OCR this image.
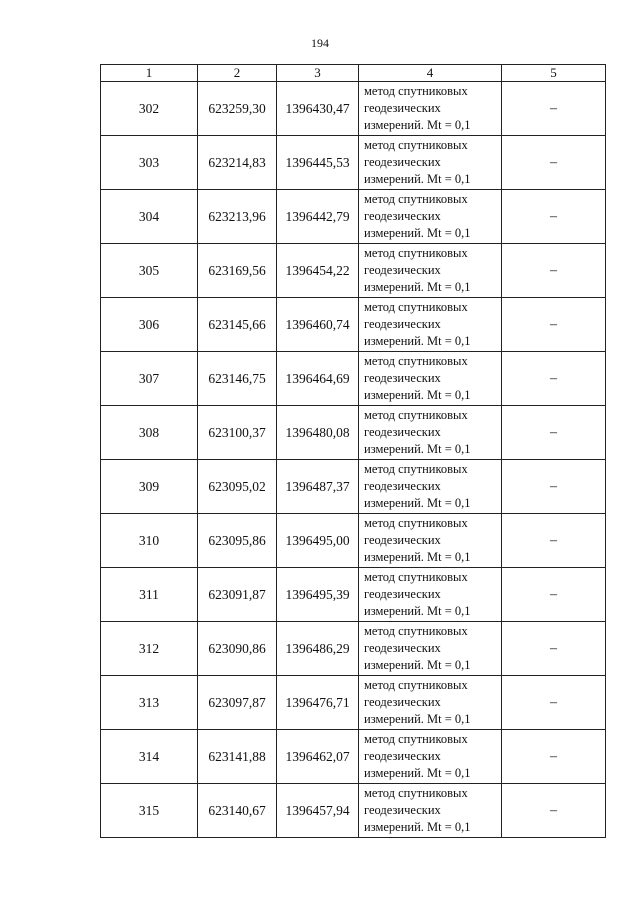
194
1	2	3	4	5
302	623259,30	1396430,47	метод спутниковых
геодезических
измерений. Mt = 0,1	–
303	623214,83	1396445,53	метод спутниковых
геодезических
измерений. Mt = 0,1	–
304	623213,96	1396442,79	метод спутниковых
геодезических
измерений. Mt = 0,1	–
305	623169,56	1396454,22	метод спутниковых
геодезических
измерений. Mt = 0,1	–
306	623145,66	1396460,74	метод спутниковых
геодезических
измерений. Mt = 0,1	–
307	623146,75	1396464,69	метод спутниковых
геодезических
измерений. Mt = 0,1	–
308	623100,37	1396480,08	метод спутниковых
геодезических
измерений. Mt = 0,1	–
309	623095,02	1396487,37	метод спутниковых
геодезических
измерений. Mt = 0,1	–
310	623095,86	1396495,00	метод спутниковых
геодезических
измерений. Mt = 0,1	–
311	623091,87	1396495,39	метод спутниковых
геодезических
измерений. Mt = 0,1	–
312	623090,86	1396486,29	метод спутниковых
геодезических
измерений. Mt = 0,1	–
313	623097,87	1396476,71	метод спутниковых
геодезических
измерений. Mt = 0,1	–
314	623141,88	1396462,07	метод спутниковых
геодезических
измерений. Mt = 0,1	–
315	623140,67	1396457,94	метод спутниковых
геодезических
измерений. Mt = 0,1	–
